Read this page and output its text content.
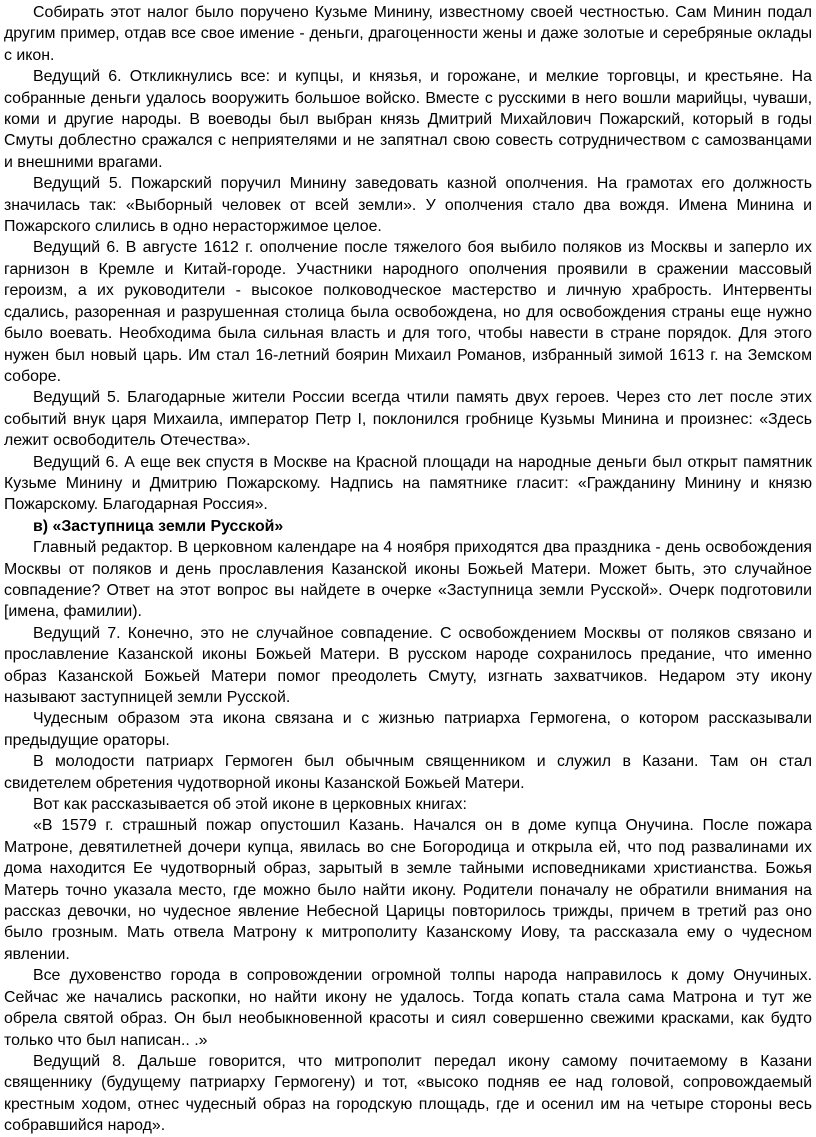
Собирать этот налог было поручено Кузьме Минину, известному своей честностью. Сам Минин подал другим пример, отдав все свое имение - деньги, драгоценности жены и даже золотые и серебряные оклады с икон.

Ведущий 6. Откликнулись все: и купцы, и князья, и горожане, и мелкие торговцы, и крестьяне. На собранные деньги удалось вооружить большое войско. Вместе с русскими в него вошли марийцы, чуваши, коми и другие народы. В воеводы был выбран князь Дмитрий Михайлович Пожарский, который в годы Смуты доблестно сражался с неприятелями и не запятнал свою совесть сотрудничеством с самозванцами и внешними врагами.

Ведущий 5. Пожарский поручил Минину заведовать казной ополчения. На грамотах его должность значилась так: «Выборный человек от всей земли». У ополчения стало два вождя. Имена Минина и Пожарского слились в одно нерасторжимое целое.

Ведущий 6. В августе 1612 г. ополчение после тяжелого боя выбило поляков из Москвы и заперло их гарнизон в Кремле и Китай-городе. Участники народного ополчения проявили в сражении массовый героизм, а их руководители - высокое полководческое мастерство и личную храбрость. Интервенты сдались, разоренная и разрушенная столица была освобождена, но для освобождения страны еще нужно было воевать. Необходима была сильная власть и для того, чтобы навести в стране порядок. Для этого нужен был новый царь. Им стал 16-летний боярин Михаил Романов, избранный зимой 1613 г. на Земском соборе.

Ведущий 5. Благодарные жители России всегда чтили память двух героев. Через сто лет после этих событий внук царя Михаила, император Петр I, поклонился гробнице Кузьмы Минина и произнес: «Здесь лежит освободитель Отечества».

Ведущий 6. А еще век спустя в Москве на Красной площади на народные деньги был открыт памятник Кузьме Минину и Дмитрию Пожарскому. Надпись на памятнике гласит: «Гражданину Минину и князю Пожарскому. Благодарная Россия».

в) «Заступница земли Русской»

Главный редактор. В церковном календаре на 4 ноября приходятся два праздника - день освобождения Москвы от поляков и день прославления Казанской иконы Божьей Матери. Может быть, это случайное совпадение? Ответ на этот вопрос вы найдете в очерке «Заступница земли Русской». Очерк подготовили [имена, фамилии).

Ведущий 7. Конечно, это не случайное совпадение. С освобождением Москвы от поляков связано и прославление Казанской иконы Божьей Матери. В русском народе сохранилось предание, что именно образ Казанской Божьей Матери помог преодолеть Смуту, изгнать захватчиков. Недаром эту икону называют заступницей земли Русской.

Чудесным образом эта икона связана и с жизнью патриарха Гермогена, о котором рассказывали предыдущие ораторы.

В молодости патриарх Гермоген был обычным священником и служил в Казани. Там он стал свидетелем обретения чудотворной иконы Казанской Божьей Матери.

Вот как рассказывается об этой иконе в церковных книгах:

«В 1579 г. страшный пожар опустошил Казань. Начался он в доме купца Онучина. После пожара Матроне, девятилетней дочери купца, явилась во сне Богородица и открыла ей, что под развалинами их дома находится Ее чудотворный образ, зарытый в земле тайными исповедниками христианства. Божья Матерь точно указала место, где можно было найти икону. Родители поначалу не обратили внимания на рассказ девочки, но чудесное явление Небесной Царицы повторилось трижды, причем в третий раз оно было грозным. Мать отвела Матрону к митрополиту Казанскому Иову, та рассказала ему о чудесном явлении.

Все духовенство города в сопровождении огромной толпы народа направилось к дому Онучиных. Сейчас же начались раскопки, но найти икону не удалось. Тогда копать стала сама Матрона и тут же обрела святой образ. Он был необыкновенной красоты и сиял совершенно свежими красками, как будто только что был написан.. .»

Ведущий 8. Дальше говорится, что митрополит передал икону самому почитаемому в Казани священнику (будущему патриарху Гермогену) и тот, «высоко подняв ее над головой, сопровождаемый крестным ходом, отнес чудесный образ на городскую площадь, где и осенил им на четыре стороны весь собравшийся народ».
